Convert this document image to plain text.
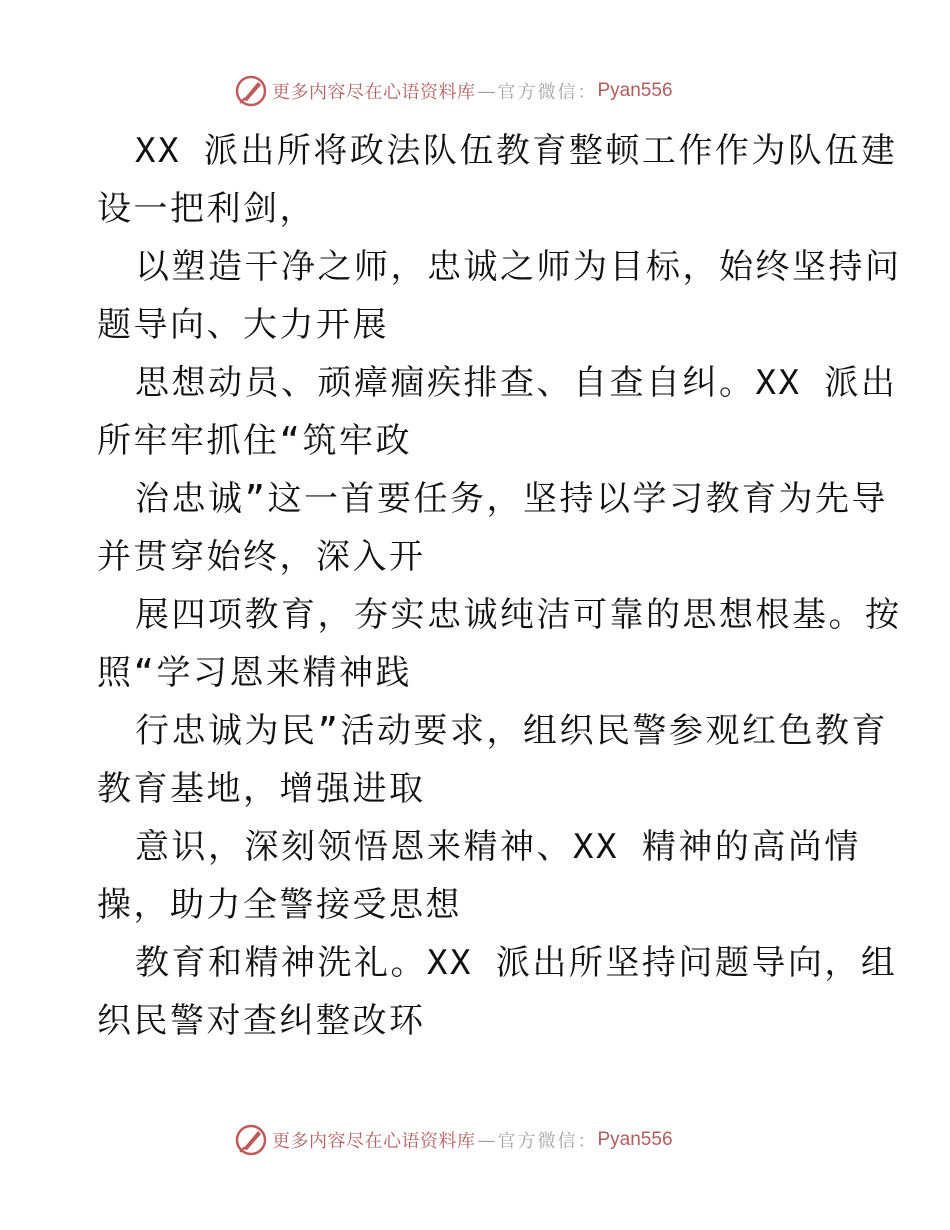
更多内容尽在心语资料库 — 官方微信： Pyan556
XX 派出所将政法队伍教育整顿工作作为队伍建
设一把利剑，
以塑造干净之师，忠诚之师为目标，始终坚持问
题导向、大力开展
思想动员、顽瘴痼疾排查、自查自纠。XX 派出
所牢牢抓住“筑牢政
治忠诚”这一首要任务，坚持以学习教育为先导
并贯穿始终，深入开
展四项教育，夯实忠诚纯洁可靠的思想根基。按
照“学习恩来精神践
行忠诚为民”活动要求，组织民警参观红色教育
教育基地，增强进取
意识，深刻领悟恩来精神、XX 精神的高尚情
操，助力全警接受思想
教育和精神洗礼。XX 派出所坚持问题导向，组
织民警对查纠整改环
更多内容尽在心语资料库 — 官方微信： Pyan556
